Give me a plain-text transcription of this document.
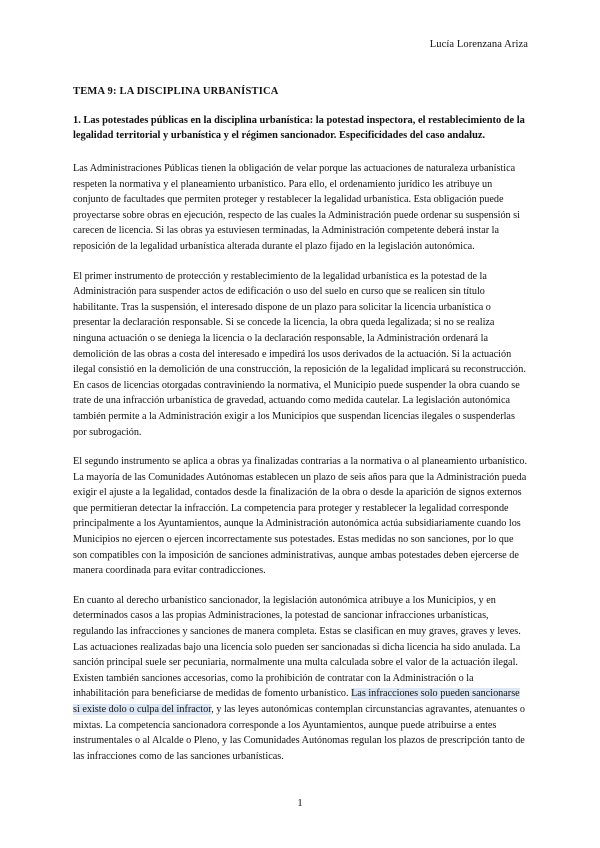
Lucía Lorenzana Ariza
TEMA 9: LA DISCIPLINA URBANÍSTICA
1. Las potestades públicas en la disciplina urbanística: la potestad inspectora, el restablecimiento de la legalidad territorial y urbanística y el régimen sancionador. Especificidades del caso andaluz.

Las Administraciones Públicas tienen la obligación de velar porque las actuaciones de naturaleza urbanística respeten la normativa y el planeamiento urbanístico. Para ello, el ordenamiento jurídico les atribuye un conjunto de facultades que permiten proteger y restablecer la legalidad urbanística. Esta obligación puede proyectarse sobre obras en ejecución, respecto de las cuales la Administración puede ordenar su suspensión si carecen de licencia. Si las obras ya estuviesen terminadas, la Administración competente deberá instar la reposición de la legalidad urbanística alterada durante el plazo fijado en la legislación autonómica.

El primer instrumento de protección y restablecimiento de la legalidad urbanística es la potestad de la Administración para suspender actos de edificación o uso del suelo en curso que se realicen sin título habilitante. Tras la suspensión, el interesado dispone de un plazo para solicitar la licencia urbanística o presentar la declaración responsable. Si se concede la licencia, la obra queda legalizada; si no se realiza ninguna actuación o se deniega la licencia o la declaración responsable, la Administración ordenará la demolición de las obras a costa del interesado e impedirá los usos derivados de la actuación. Si la actuación ilegal consistió en la demolición de una construcción, la reposición de la legalidad implicará su reconstrucción. En casos de licencias otorgadas contraviniendo la normativa, el Municipio puede suspender la obra cuando se trate de una infracción urbanística de gravedad, actuando como medida cautelar. La legislación autonómica también permite a la Administración exigir a los Municipios que suspendan licencias ilegales o suspenderlas por subrogación.

El segundo instrumento se aplica a obras ya finalizadas contrarias a la normativa o al planeamiento urbanístico. La mayoría de las Comunidades Autónomas establecen un plazo de seis años para que la Administración pueda exigir el ajuste a la legalidad, contados desde la finalización de la obra o desde la aparición de signos externos que permitieran detectar la infracción. La competencia para proteger y restablecer la legalidad corresponde principalmente a los Ayuntamientos, aunque la Administración autonómica actúa subsidiariamente cuando los Municipios no ejercen o ejercen incorrectamente sus potestades. Estas medidas no son sanciones, por lo que son compatibles con la imposición de sanciones administrativas, aunque ambas potestades deben ejercerse de manera coordinada para evitar contradicciones.

En cuanto al derecho urbanístico sancionador, la legislación autonómica atribuye a los Municipios, y en determinados casos a las propias Administraciones, la potestad de sancionar infracciones urbanísticas, regulando las infracciones y sanciones de manera completa. Estas se clasifican en muy graves, graves y leves. Las actuaciones realizadas bajo una licencia solo pueden ser sancionadas si dicha licencia ha sido anulada. La sanción principal suele ser pecuniaria, normalmente una multa calculada sobre el valor de la actuación ilegal. Existen también sanciones accesorias, como la prohibición de contratar con la Administración o la inhabilitación para beneficiarse de medidas de fomento urbanístico. Las infracciones solo pueden sancionarse si existe dolo o culpa del infractor, y las leyes autonómicas contemplan circunstancias agravantes, atenuantes o mixtas. La competencia sancionadora corresponde a los Ayuntamientos, aunque puede atribuirse a entes instrumentales o al Alcalde o Pleno, y las Comunidades Autónomas regulan los plazos de prescripción tanto de las infracciones como de las sanciones urbanísticas.

1
